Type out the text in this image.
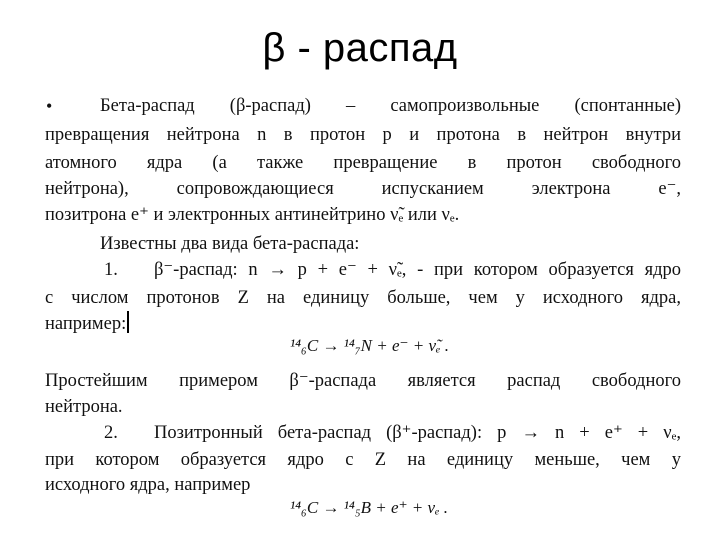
β - распад
•	Бета-распад (β-распад) – самопроизвольные (спонтанные)
превращения нейтрона n в протон p и протона в нейтрон внутри
атомного ядра (а также превращение в протон свободного
нейтрона), сопровождающиеся испусканием электрона e⁻,
позитрона e⁺ и электронных антинейтрино ν̃ₑ или νₑ.
Известны два вида бета-распада:
1.	β⁻-распад: n → p + e⁻ + ν̃ₑ, - при котором образуется ядро
с числом протонов Z на единицу больше, чем у исходного ядра,
например:
¹⁴₆C → ¹⁴₇N + e⁻ + ν̃ₑ .
Простейшим примером β⁻-распада является распад свободного
нейтрона.
2.	Позитронный бета-распад (β⁺-распад): p → n + e⁺ + νₑ,
при котором образуется ядро с Z на единицу меньше, чем у
исходного ядра, например
¹⁴₆C → ¹⁴₅B + e⁺ + νₑ .
